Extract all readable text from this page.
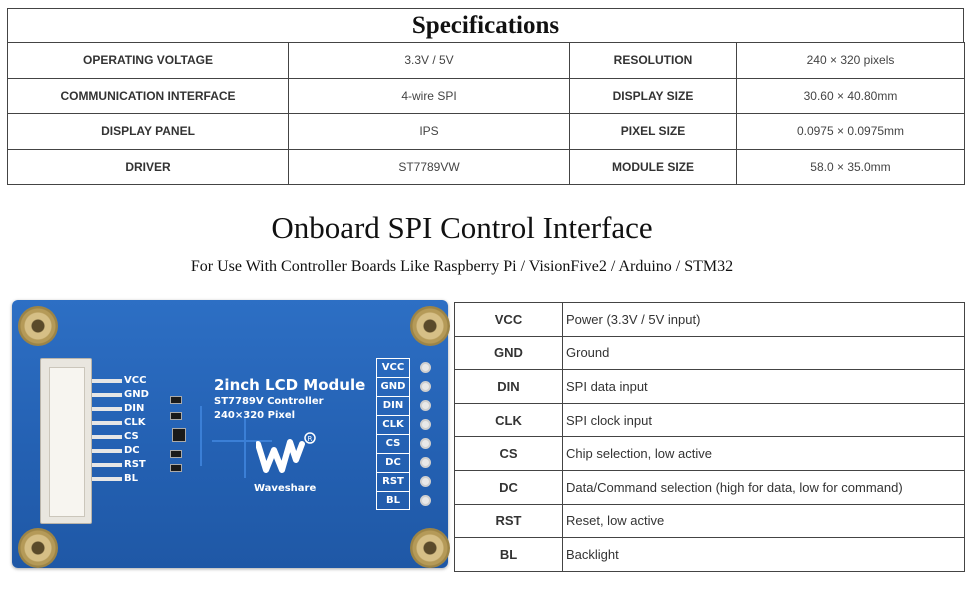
Specifications
OPERATING VOLTAGE	3.3V / 5V	RESOLUTION	240 × 320 pixels
COMMUNICATION INTERFACE	4-wire SPI	DISPLAY SIZE	30.60 × 40.80mm
DISPLAY PANEL	IPS	PIXEL SIZE	0.0975 × 0.0975mm
DRIVER	ST7789VW	MODULE SIZE	58.0 × 35.0mm
Onboard SPI Control Interface
For Use With Controller Boards Like Raspberry Pi / VisionFive2 / Arduino / STM32
VCC
GND
DIN
CLK
CS
DC
RST
BL
2inch LCD Module
ST7789V Controller
240×320 Pixel
R
Waveshare
VCC
GND
DIN
CLK
CS
DC
RST
BL
VCC	Power (3.3V / 5V input)
GND	Ground
DIN	SPI data input
CLK	SPI clock input
CS	Chip selection, low active
DC	Data/Command selection (high for data, low for command)
RST	Reset, low active
BL	Backlight
